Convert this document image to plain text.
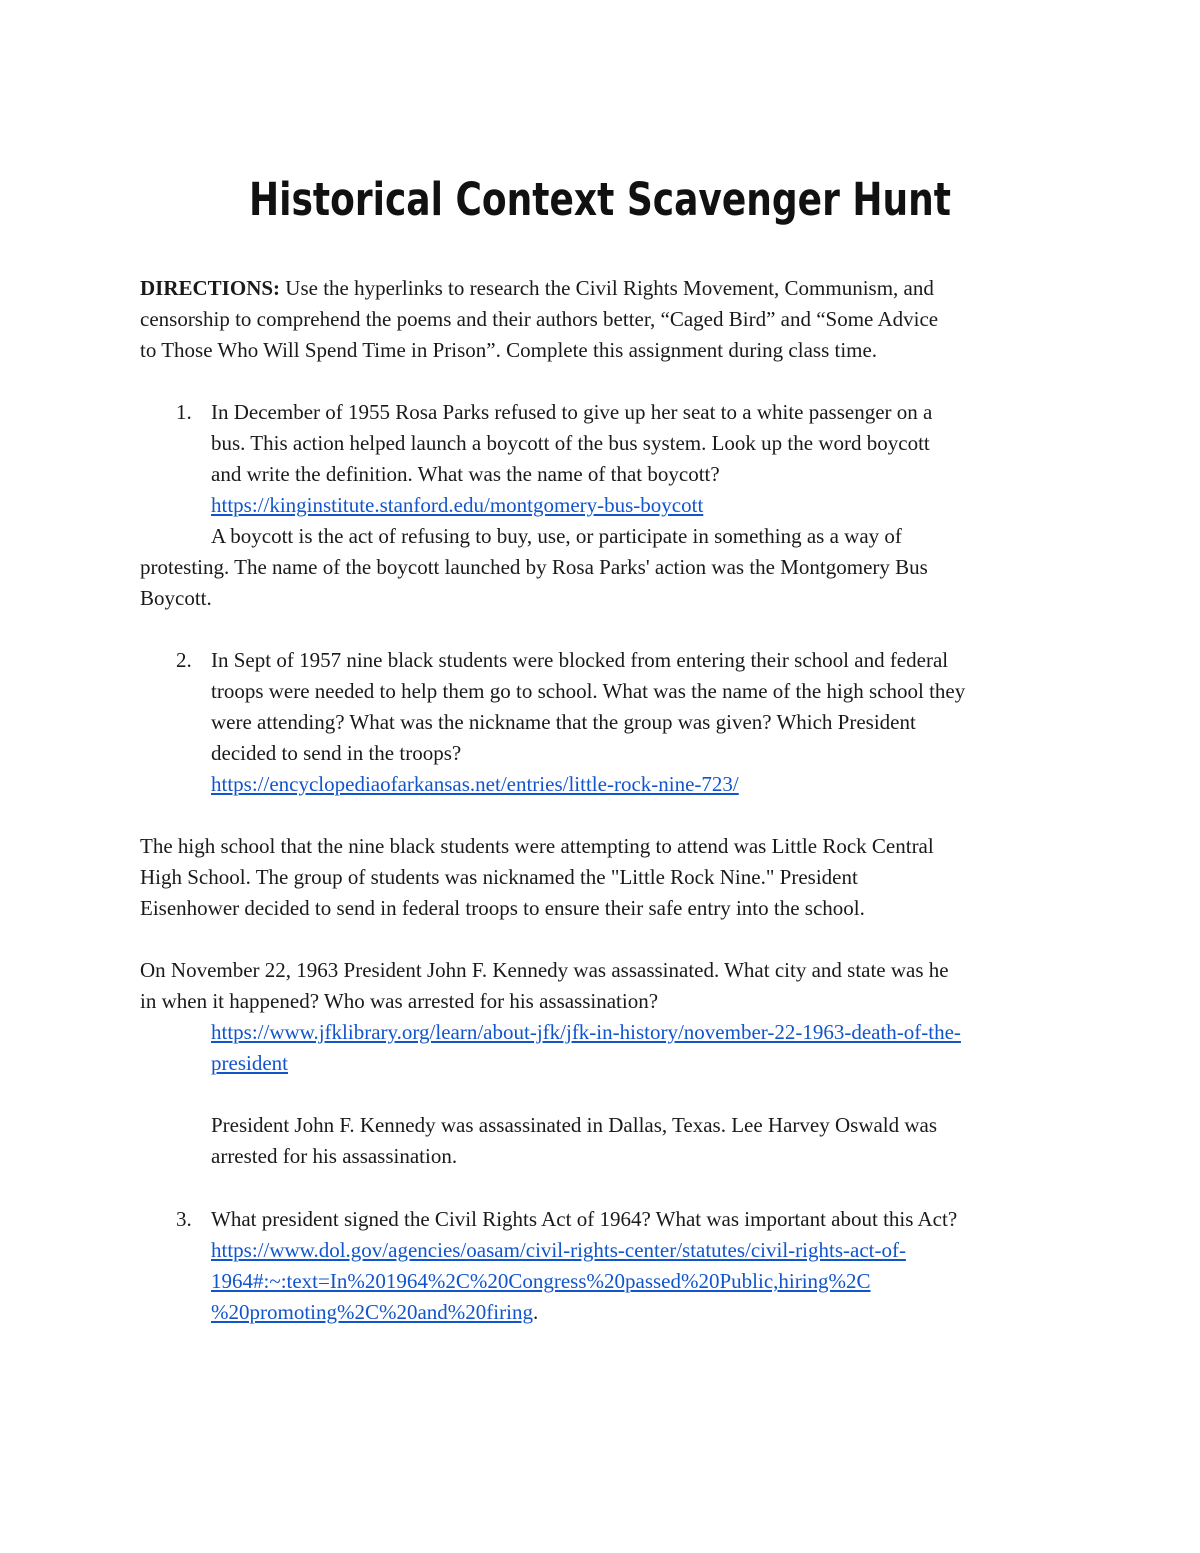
Historical Context Scavenger Hunt
DIRECTIONS: Use the hyperlinks to research the Civil Rights Movement, Communism, and
censorship to comprehend the poems and their authors better, “Caged Bird” and “Some Advice
to Those Who Will Spend Time in Prison”. Complete this assignment during class time.
1. In December of 1955 Rosa Parks refused to give up her seat to a white passenger on a
bus. This action helped launch a boycott of the bus system. Look up the word boycott
and write the definition. What was the name of that boycott?
https://kinginstitute.stanford.edu/montgomery-bus-boycott
A boycott is the act of refusing to buy, use, or participate in something as a way of
protesting. The name of the boycott launched by Rosa Parks' action was the Montgomery Bus
Boycott.
2. In Sept of 1957 nine black students were blocked from entering their school and federal
troops were needed to help them go to school. What was the name of the high school they
were attending? What was the nickname that the group was given? Which President
decided to send in the troops?
https://encyclopediaofarkansas.net/entries/little-rock-nine-723/
The high school that the nine black students were attempting to attend was Little Rock Central
High School. The group of students was nicknamed the "Little Rock Nine." President
Eisenhower decided to send in federal troops to ensure their safe entry into the school.
On November 22, 1963 President John F. Kennedy was assassinated. What city and state was he
in when it happened? Who was arrested for his assassination?
https://www.jfklibrary.org/learn/about-jfk/jfk-in-history/november-22-1963-death-of-the-
president
President John F. Kennedy was assassinated in Dallas, Texas. Lee Harvey Oswald was
arrested for his assassination.
3. What president signed the Civil Rights Act of 1964? What was important about this Act?
https://www.dol.gov/agencies/oasam/civil-rights-center/statutes/civil-rights-act-of-
1964#:~:text=In%201964%2C%20Congress%20passed%20Public,hiring%2C
%20promoting%2C%20and%20firing.
